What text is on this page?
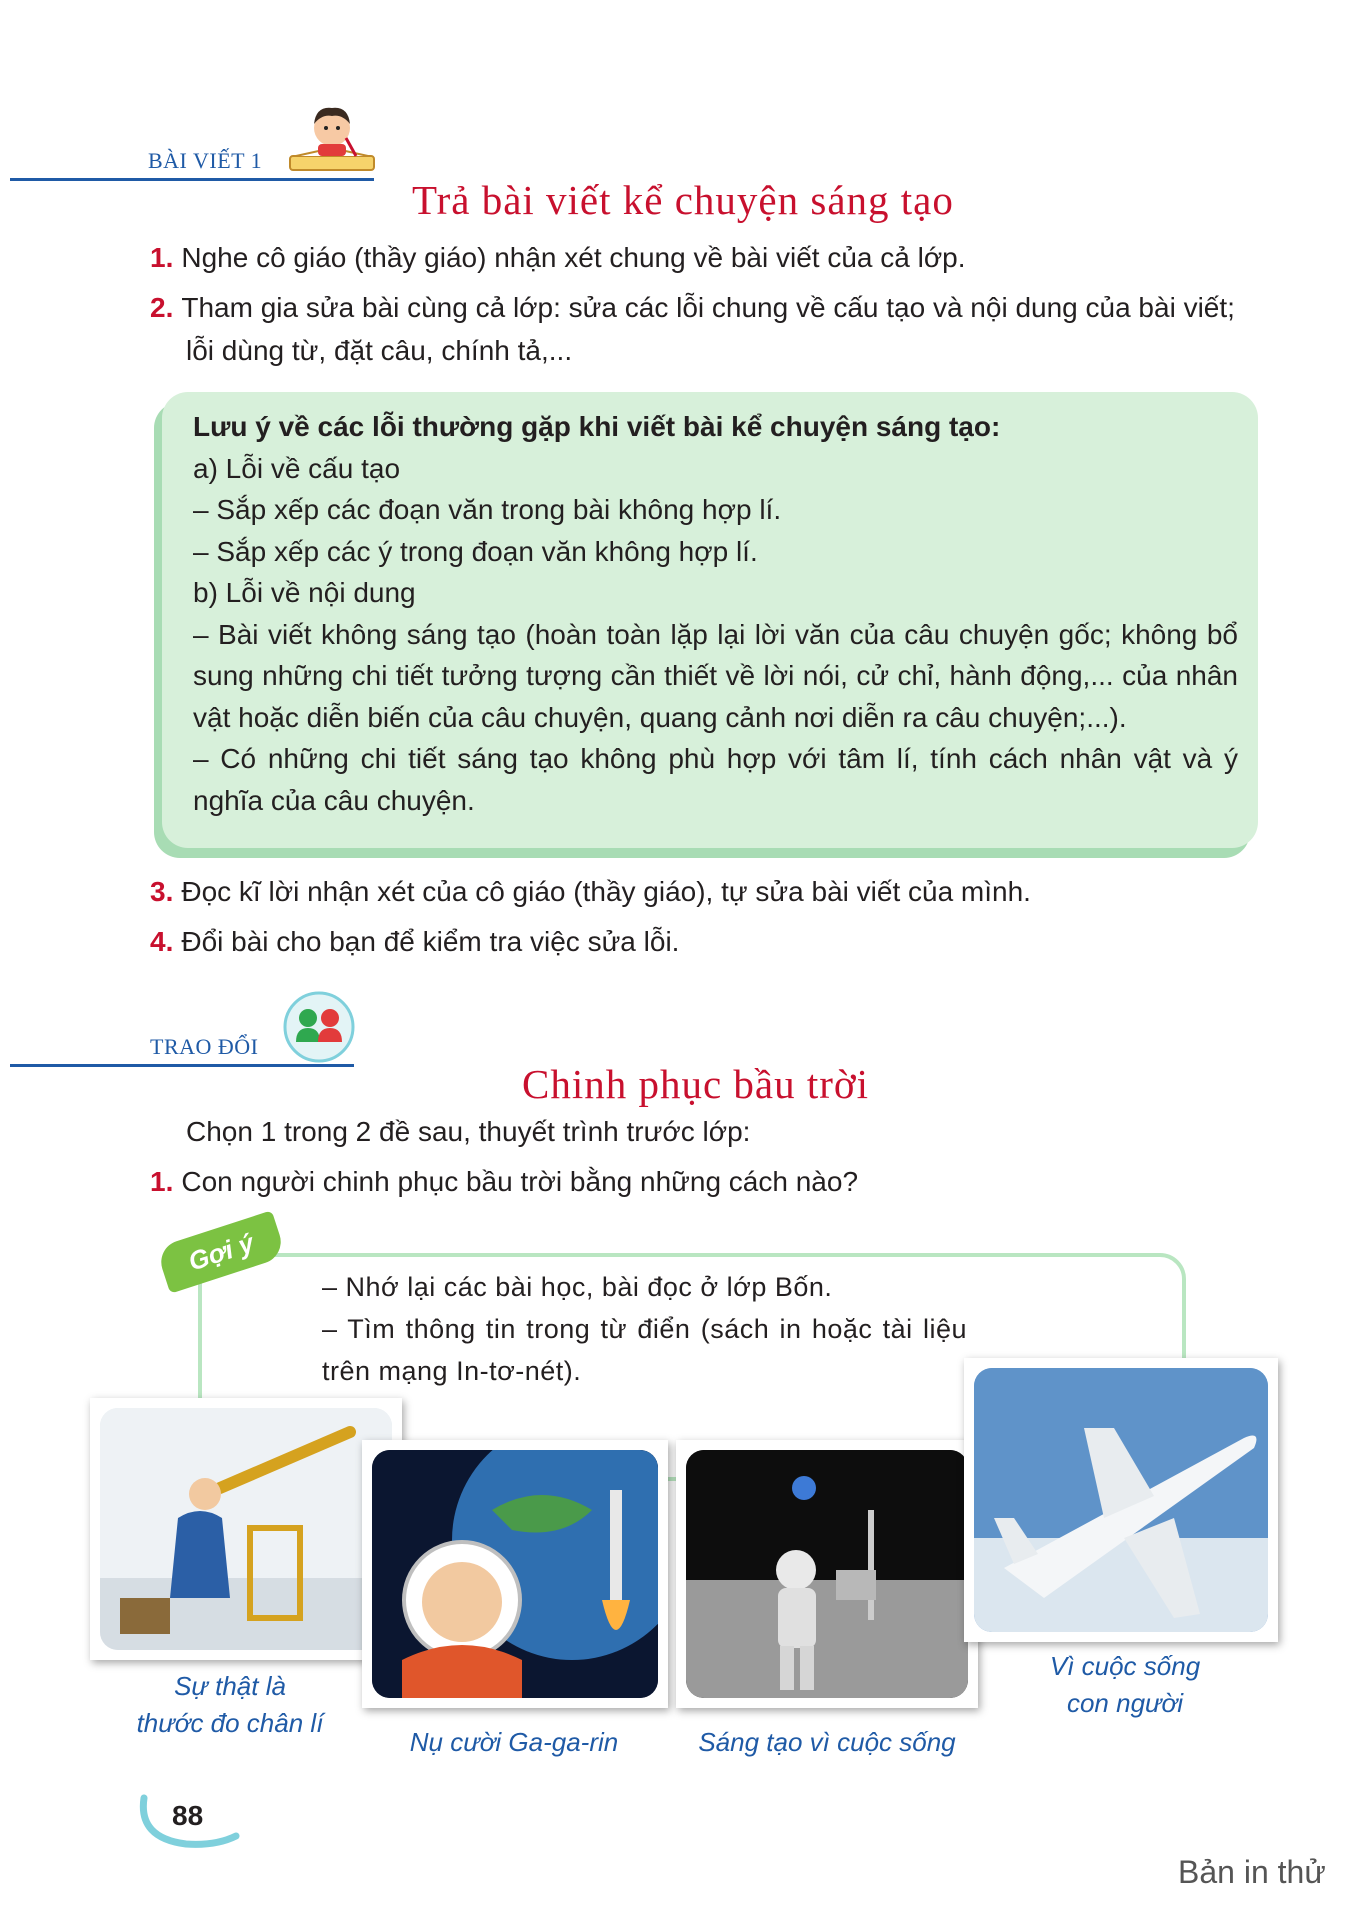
BÀI VIẾT 1
Trả bài viết kể chuyện sáng tạo
1. Nghe cô giáo (thầy giáo) nhận xét chung về bài viết của cả lớp.
2. Tham gia sửa bài cùng cả lớp: sửa các lỗi chung về cấu tạo và nội dung của bài viết; lỗi dùng từ, đặt câu, chính tả,...
Lưu ý về các lỗi thường gặp khi viết bài kể chuyện sáng tạo:
a) Lỗi về cấu tạo
– Sắp xếp các đoạn văn trong bài không hợp lí.
– Sắp xếp các ý trong đoạn văn không hợp lí.
b) Lỗi về nội dung
– Bài viết không sáng tạo (hoàn toàn lặp lại lời văn của câu chuyện gốc; không bổ sung những chi tiết tưởng tượng cần thiết về lời nói, cử chỉ, hành động,... của nhân vật hoặc diễn biến của câu chuyện, quang cảnh nơi diễn ra câu chuyện;...).
– Có những chi tiết sáng tạo không phù hợp với tâm lí, tính cách nhân vật và ý nghĩa của câu chuyện.
3. Đọc kĩ lời nhận xét của cô giáo (thầy giáo), tự sửa bài viết của mình.
4. Đổi bài cho bạn để kiểm tra việc sửa lỗi.
TRAO ĐỔI
Chinh phục bầu trời
Chọn 1 trong 2 đề sau, thuyết trình trước lớp:
1. Con người chinh phục bầu trời bằng những cách nào?
Gợi ý
– Nhớ lại các bài học, bài đọc ở lớp Bốn.
– Tìm thông tin trong từ điển (sách in hoặc tài liệu trên mạng In-tơ-nét).
Sự thật là
thước đo chân lí
Nụ cười Ga-ga-rin	Sáng tạo vì cuộc sống
Vì cuộc sống
con người
88
Bản in thử
